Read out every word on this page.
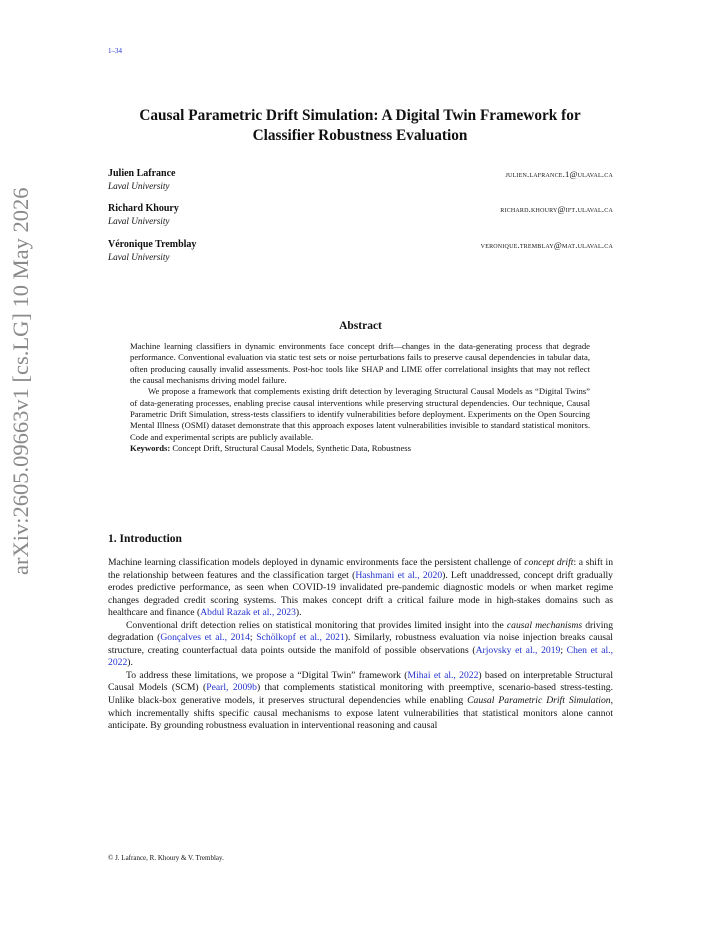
1–34
arXiv:2605.09663v1 [cs.LG] 10 May 2026
Causal Parametric Drift Simulation: A Digital Twin Framework for
Classifier Robustness Evaluation
Julien Lafrance
Laval University
julien.lafrance.1@ulaval.ca
Richard Khoury
Laval University
richard.khoury@ift.ulaval.ca
Véronique Tremblay
Laval University
veronique.tremblay@mat.ulaval.ca
Abstract

Machine learning classifiers in dynamic environments face concept drift—changes in the data-generating process that degrade performance. Conventional evaluation via static test sets or noise perturbations fails to preserve causal dependencies in tabular data, often producing causally invalid assessments. Post-hoc tools like SHAP and LIME offer correlational insights that may not reflect the causal mechanisms driving model failure.

We propose a framework that complements existing drift detection by leveraging Structural Causal Models as “Digital Twins” of data-generating processes, enabling precise causal interventions while preserving structural dependencies. Our technique, Causal Parametric Drift Simulation, stress-tests classifiers to identify vulnerabilities before deployment. Experiments on the Open Sourcing Mental Illness (OSMI) dataset demonstrate that this approach exposes latent vulnerabilities invisible to standard statistical monitors. Code and experimental scripts are publicly available.

Keywords: Concept Drift, Structural Causal Models, Synthetic Data, Robustness

1. Introduction

Machine learning classification models deployed in dynamic environments face the persistent challenge of concept drift: a shift in the relationship between features and the classification target (Hashmani et al., 2020). Left unaddressed, concept drift gradually erodes predictive performance, as seen when COVID-19 invalidated pre-pandemic diagnostic models or when market regime changes degraded credit scoring systems. This makes concept drift a critical failure mode in high-stakes domains such as healthcare and finance (Abdul Razak et al., 2023).

Conventional drift detection relies on statistical monitoring that provides limited insight into the causal mechanisms driving degradation (Gonçalves et al., 2014; Schölkopf et al., 2021). Similarly, robustness evaluation via noise injection breaks causal structure, creating counterfactual data points outside the manifold of possible observations (Arjovsky et al., 2019; Chen et al., 2022).

To address these limitations, we propose a “Digital Twin” framework (Mihai et al., 2022) based on interpretable Structural Causal Models (SCM) (Pearl, 2009b) that complements statistical monitoring with preemptive, scenario-based stress-testing. Unlike black-box generative models, it preserves structural dependencies while enabling Causal Parametric Drift Simulation, which incrementally shifts specific causal mechanisms to expose latent vulnerabilities that statistical monitors alone cannot anticipate. By grounding robustness evaluation in interventional reasoning and causal

© J. Lafrance, R. Khoury & V. Tremblay.
